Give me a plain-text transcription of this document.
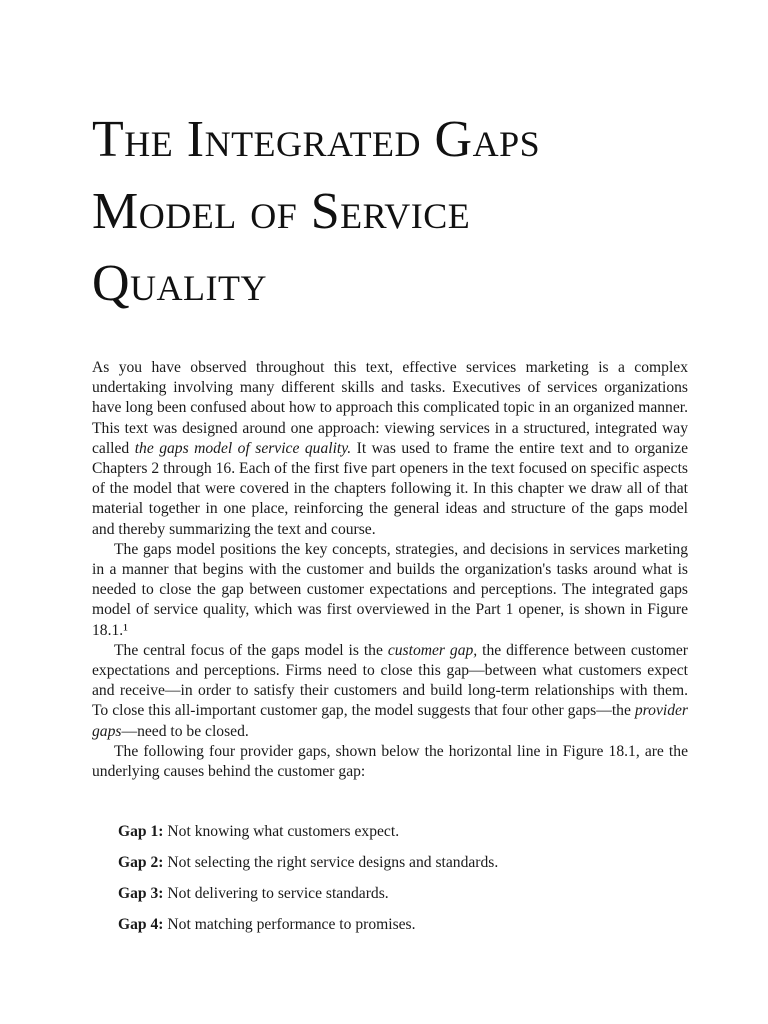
The Integrated Gaps
Model of Service
Quality

As you have observed throughout this text, effective services marketing is a complex undertaking involving many different skills and tasks. Executives of services organizations have long been confused about how to approach this complicated topic in an organized manner. This text was designed around one approach: viewing services in a structured, integrated way called the gaps model of service quality. It was used to frame the entire text and to organize Chapters 2 through 16. Each of the first five part openers in the text focused on specific aspects of the model that were covered in the chapters following it. In this chapter we draw all of that material together in one place, reinforcing the general ideas and structure of the gaps model and thereby summarizing the text and course.

The gaps model positions the key concepts, strategies, and decisions in services marketing in a manner that begins with the customer and builds the organization's tasks around what is needed to close the gap between customer expectations and perceptions. The integrated gaps model of service quality, which was first overviewed in the Part 1 opener, is shown in Figure 18.1.¹

The central focus of the gaps model is the customer gap, the difference between customer expectations and perceptions. Firms need to close this gap—between what customers expect and receive—in order to satisfy their customers and build long-term relationships with them. To close this all-important customer gap, the model suggests that four other gaps—the provider gaps—need to be closed.

The following four provider gaps, shown below the horizontal line in Figure 18.1, are the underlying causes behind the customer gap:

Gap 1: Not knowing what customers expect.
Gap 2: Not selecting the right service designs and standards.
Gap 3: Not delivering to service standards.
Gap 4: Not matching performance to promises.
